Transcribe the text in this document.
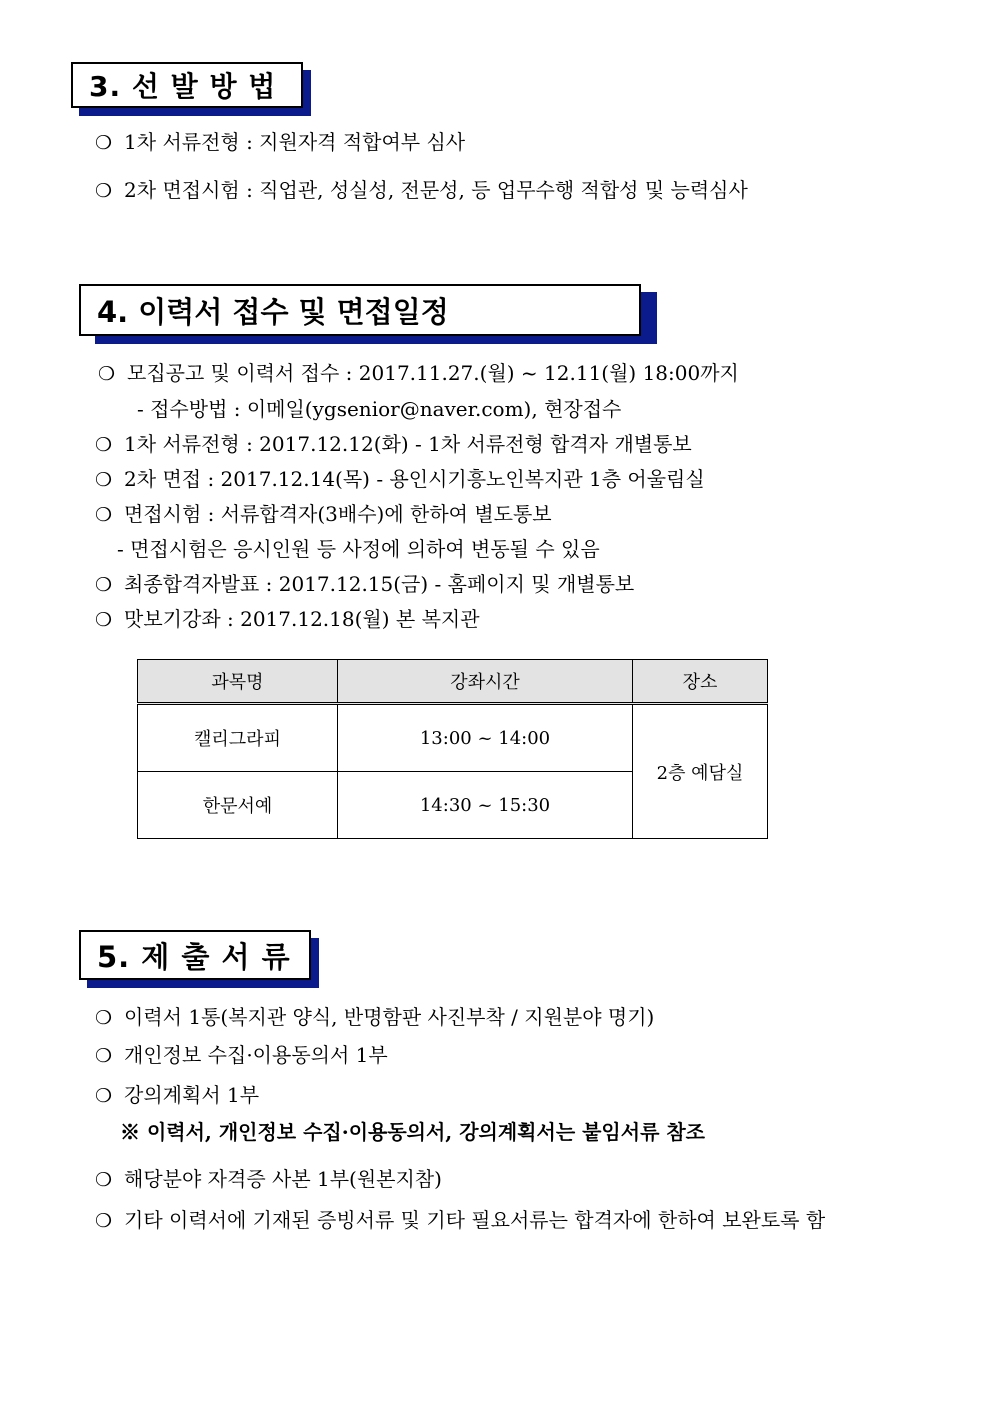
3. 선 발 방 법
❍ 1차 서류전형 : 지원자격 적합여부 심사
❍ 2차 면접시험 : 직업관, 성실성, 전문성, 등 업무수행 적합성 및 능력심사
4. 이력서 접수 및 면접일정
❍ 모집공고 및 이력서 접수 : 2017.11.27.(월) ~ 12.11(월) 18:00까지
- 접수방법 : 이메일(ygsenior@naver.com), 현장접수
❍ 1차 서류전형 : 2017.12.12(화) - 1차 서류전형 합격자 개별통보
❍ 2차 면접 : 2017.12.14(목) - 용인시기흥노인복지관 1층 어울림실
❍ 면접시험 : 서류합격자(3배수)에 한하여 별도통보
- 면접시험은 응시인원 등 사정에 의하여 변동될 수 있음
❍ 최종합격자발표 : 2017.12.15(금) - 홈페이지 및 개별통보
❍ 맛보기강좌 : 2017.12.18(월) 본 복지관
과목명	강좌시간	장소
캘리그라피	13:00 ~ 14:00	2층 예담실
한문서예	14:30 ~ 15:30	
5. 제 출 서 류
❍ 이력서 1통(복지관 양식, 반명함판 사진부착 / 지원분야 명기)
❍ 개인정보 수집·이용동의서 1부
❍ 강의계획서 1부
※ 이력서, 개인정보 수집·이용동의서, 강의계획서는 붙임서류 참조
❍ 해당분야 자격증 사본 1부(원본지참)
❍ 기타 이력서에 기재된 증빙서류 및 기타 필요서류는 합격자에 한하여 보완토록 함
